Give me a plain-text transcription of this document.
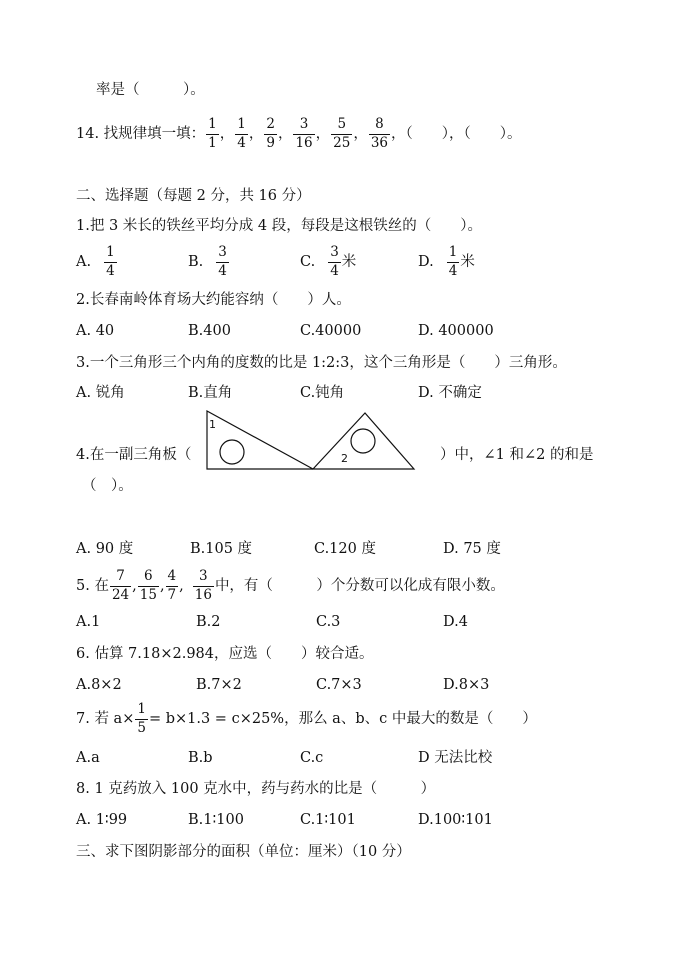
率是（　　　）。
14. 找规律填一填： $\frac{1}{1}$ ， $\frac{1}{4}$ ， $\frac{2}{9}$ ， $\frac{3}{16}$ ， $\frac{5}{25}$ ， $\frac{8}{36}$ ，（　　），（　　）。
二、选择题（每题 2 分，共 16 分）
1.把 3 米长的铁丝平均分成 4 段，每段是这根铁丝的（　　）。
A. $\frac{1}{4}$	B. $\frac{3}{4}$	C. $\frac{3}{4}$ 米	D. $\frac{1}{4}$ 米
2.长春南岭体育场大约能容纳（　　）人。
A. 40	B.400	C.40000	D. 400000
3.一个三角形三个内角的度数的比是 1:2:3，这个三角形是（　　）三角形。
A. 锐角	B.直角	C.钝角	D. 不确定
4.在一副三角板（
1
2	）中，∠1 和∠2 的和是
（　）。
A. 90 度	B.105 度	C.120 度	D. 75 度
5. 在 $\frac{7}{24}$ , $\frac{6}{15}$ , $\frac{4}{7}$ , $\frac{3}{16}$ 中，有（　　　）个分数可以化成有限小数。
A.1	B.2	C.3	D.4
6. 估算 7.18×2.984，应选（　　）较合适。
A.8×2	B.7×2	C.7×3	D.8×3
7. 若 $a\times \frac{1}{5} = b\times 1.3 = c\times 25\%$，那么 a、b、c 中最大的数是（　　）
A.a	B.b	C.c	D 无法比校
8. 1 克药放入 100 克水中，药与药水的比是（　　　）
A. 1∶99	B.1∶100	C.1∶101	D.100∶101
三、求下图阴影部分的面积（单位：厘米）（10 分）
